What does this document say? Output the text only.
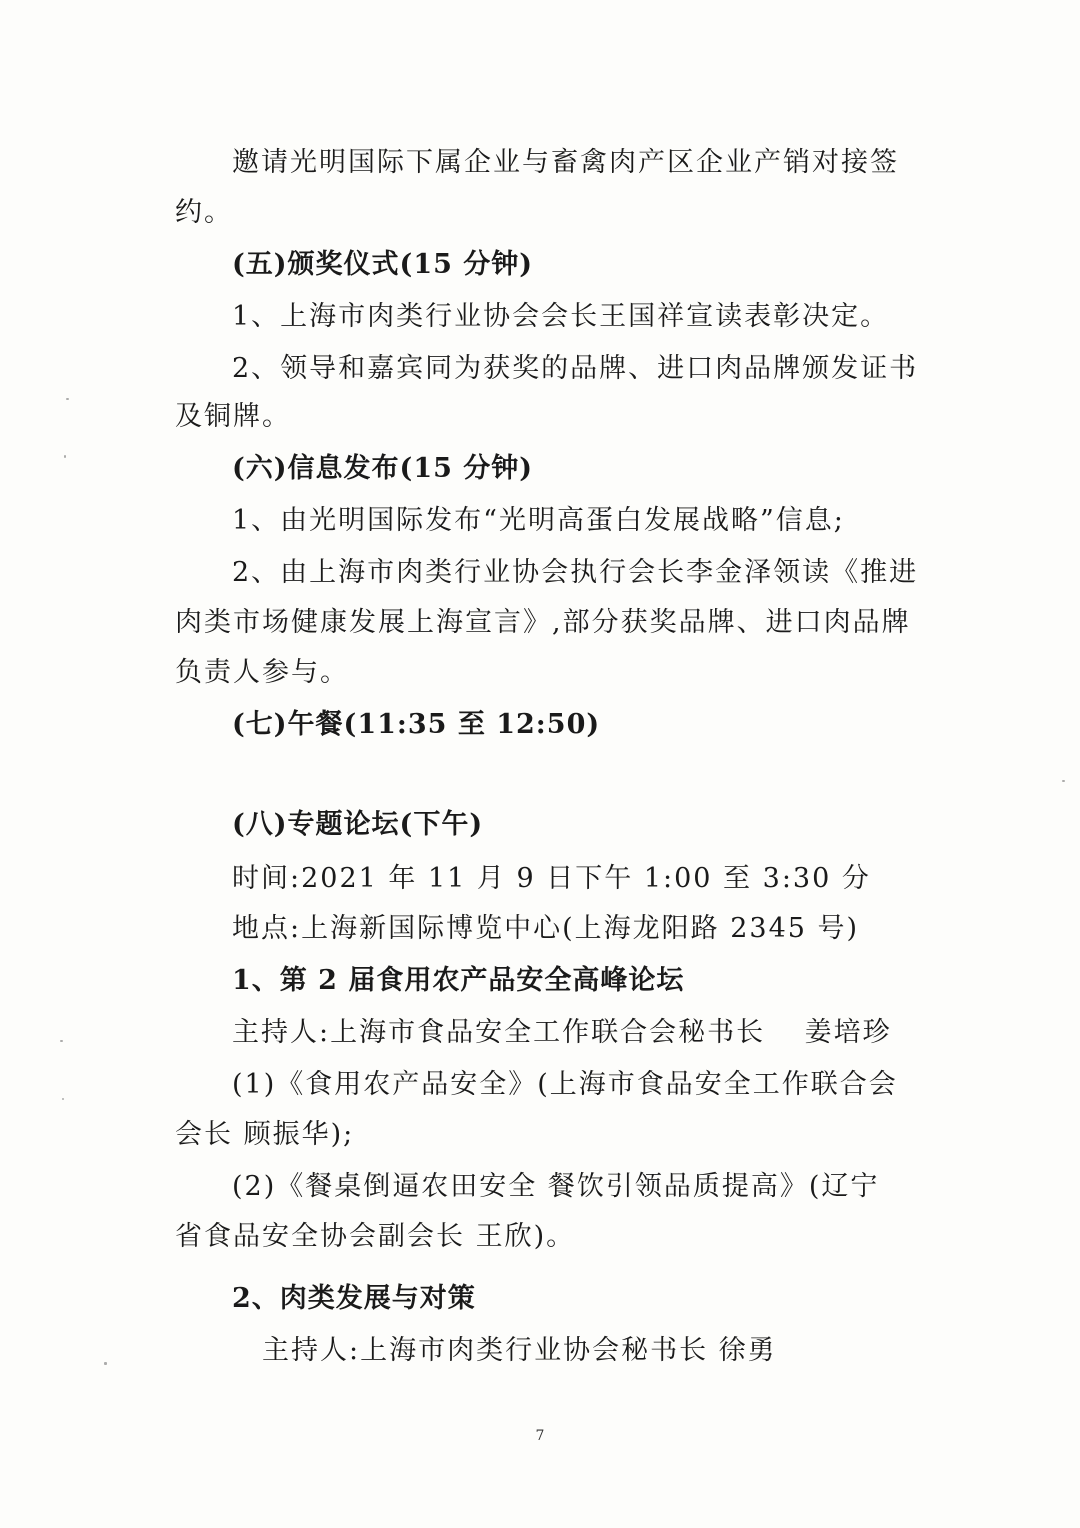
邀请光明国际下属企业与畜禽肉产区企业产销对接签
约。
(五)颁奖仪式(15 分钟)
1、上海市肉类行业协会会长王国祥宣读表彰决定。
2、领导和嘉宾同为获奖的品牌、进口肉品牌颁发证书
及铜牌。
(六)信息发布(15 分钟)
1、由光明国际发布“光明高蛋白发展战略”信息;
2、由上海市肉类行业协会执行会长李金泽领读《推进
肉类市场健康发展上海宣言》,部分获奖品牌、进口肉品牌
负责人参与。
(七)午餐(11:35 至 12:50)
(八)专题论坛(下午)
时间:2021 年 11 月 9 日下午 1:00 至 3:30 分
地点:上海新国际博览中心(上海龙阳路 2345 号)
1、第 2 届食用农产品安全高峰论坛
主持人:上海市食品安全工作联合会秘书长　 姜培珍
(1)《食用农产品安全》(上海市食品安全工作联合会
会长 顾振华);
(2)《餐桌倒逼农田安全 餐饮引领品质提高》(辽宁
省食品安全协会副会长 王欣)。
2、肉类发展与对策
主持人:上海市肉类行业协会秘书长 徐勇
7
